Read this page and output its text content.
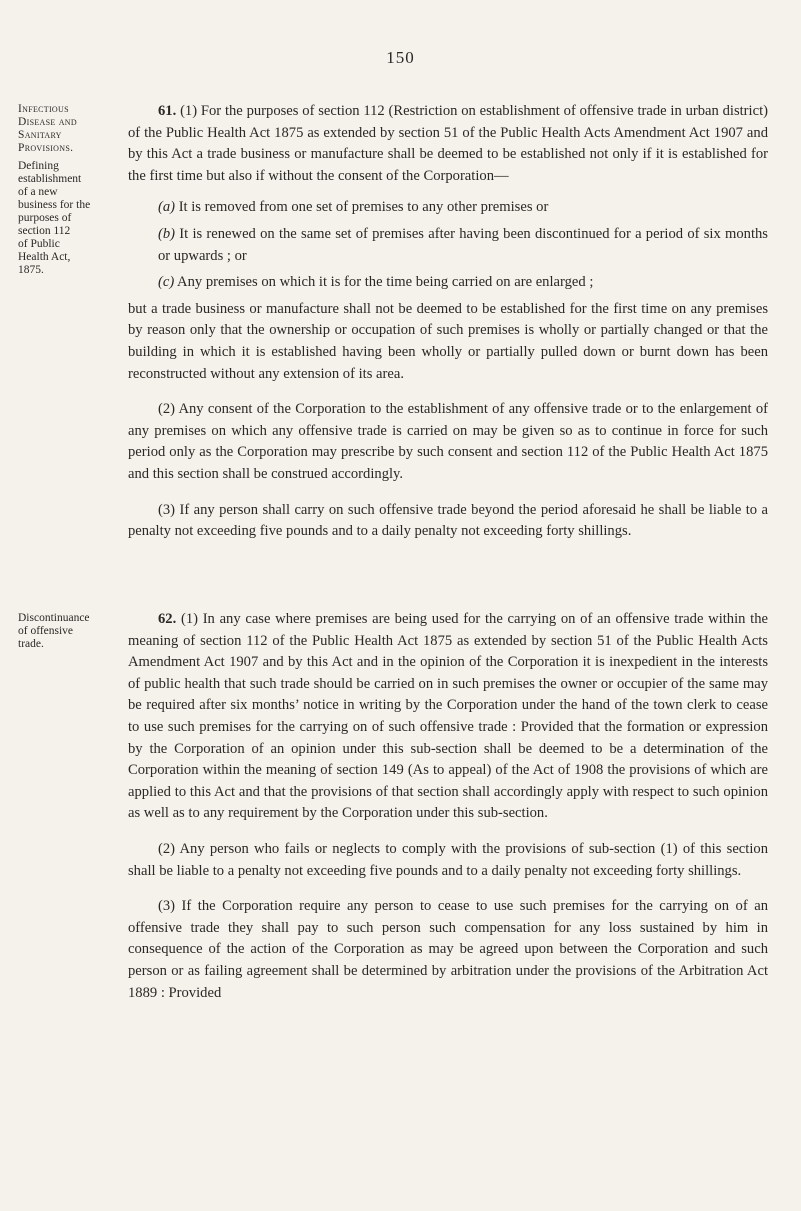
150
Infectious
Disease and
Sanitary
Provisions.
Defining
establishment
of a new
business for the
purposes of
section 112
of Public
Health Act,
1875.
Discontinuance
of offensive
trade.

61. (1) For the purposes of section 112 (Restriction on establishment of offensive trade in urban district) of the Public Health Act 1875 as extended by section 51 of the Public Health Acts Amendment Act 1907 and by this Act a trade business or manufacture shall be deemed to be established not only if it is established for the first time but also if without the consent of the Corporation—

(a) It is removed from one set of premises to any other premises or

(b) It is renewed on the same set of premises after having been discontinued for a period of six months or upwards ; or

(c) Any premises on which it is for the time being carried on are enlarged ;

but a trade business or manufacture shall not be deemed to be established for the first time on any premises by reason only that the ownership or occupation of such premises is wholly or partially changed or that the building in which it is established having been wholly or partially pulled down or burnt down has been reconstructed without any extension of its area.

(2) Any consent of the Corporation to the establishment of any offensive trade or to the enlargement of any premises on which any offensive trade is carried on may be given so as to continue in force for such period only as the Corporation may prescribe by such consent and section 112 of the Public Health Act 1875 and this section shall be construed accordingly.

(3) If any person shall carry on such offensive trade beyond the period aforesaid he shall be liable to a penalty not exceeding five pounds and to a daily penalty not exceeding forty shillings.

62. (1) In any case where premises are being used for the carrying on of an offensive trade within the meaning of section 112 of the Public Health Act 1875 as extended by section 51 of the Public Health Acts Amendment Act 1907 and by this Act and in the opinion of the Corporation it is inexpedient in the interests of public health that such trade should be carried on in such premises the owner or occupier of the same may be required after six months’ notice in writing by the Corporation under the hand of the town clerk to cease to use such premises for the carrying on of such offensive trade : Provided that the formation or expression by the Corporation of an opinion under this sub-section shall be deemed to be a determination of the Corporation within the meaning of section 149 (As to appeal) of the Act of 1908 the provisions of which are applied to this Act and that the provisions of that section shall accordingly apply with respect to such opinion as well as to any requirement by the Corporation under this sub-section.

(2) Any person who fails or neglects to comply with the provisions of sub-section (1) of this section shall be liable to a penalty not exceeding five pounds and to a daily penalty not exceeding forty shillings.

(3) If the Corporation require any person to cease to use such premises for the carrying on of an offensive trade they shall pay to such person such compensation for any loss sustained by him in consequence of the action of the Corporation as may be agreed upon between the Corporation and such person or as failing agreement shall be determined by arbitration under the provisions of the Arbitration Act 1889 : Provided
